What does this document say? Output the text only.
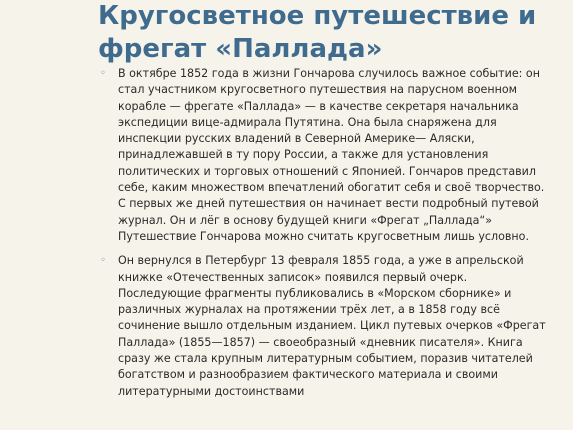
Кругосветное путешествие и
фрегат «Паллада»
◦ В октябре 1852 года в жизни Гончарова случилось важное событие: он стал участником кругосветного путешествия на парусном военном корабле — фрегате «Паллада» — в качестве секретаря начальника экспедиции вице-адмирала Путятина. Она была снаряжена для инспекции русских владений в Северной Америке— Аляски, принадлежавшей в ту пору России, а также для установления политических и торговых отношений с Японией. Гончаров представил себе, каким множеством впечатлений обогатит себя и своё творчество. С первых же дней путешествия он начинает вести подробный путевой журнал. Он и лёг в основу будущей книги «Фрегат „Паллада“» Путешествие Гончарова можно считать кругосветным лишь условно.
◦ Он вернулся в Петербург 13 февраля 1855 года, а уже в апрельской книжке «Отечественных записок» появился первый очерк. Последующие фрагменты публиковались в «Морском сборнике» и различных журналах на протяжении трёх лет, а в 1858 году всё сочинение вышло отдельным изданием. Цикл путевых очерков «Фрегат Паллада» (1855—1857) — своеобразный «дневник писателя». Книга сразу же стала крупным литературным событием, поразив читателей богатством и разнообразием фактического материала и своими литературными достоинствами
